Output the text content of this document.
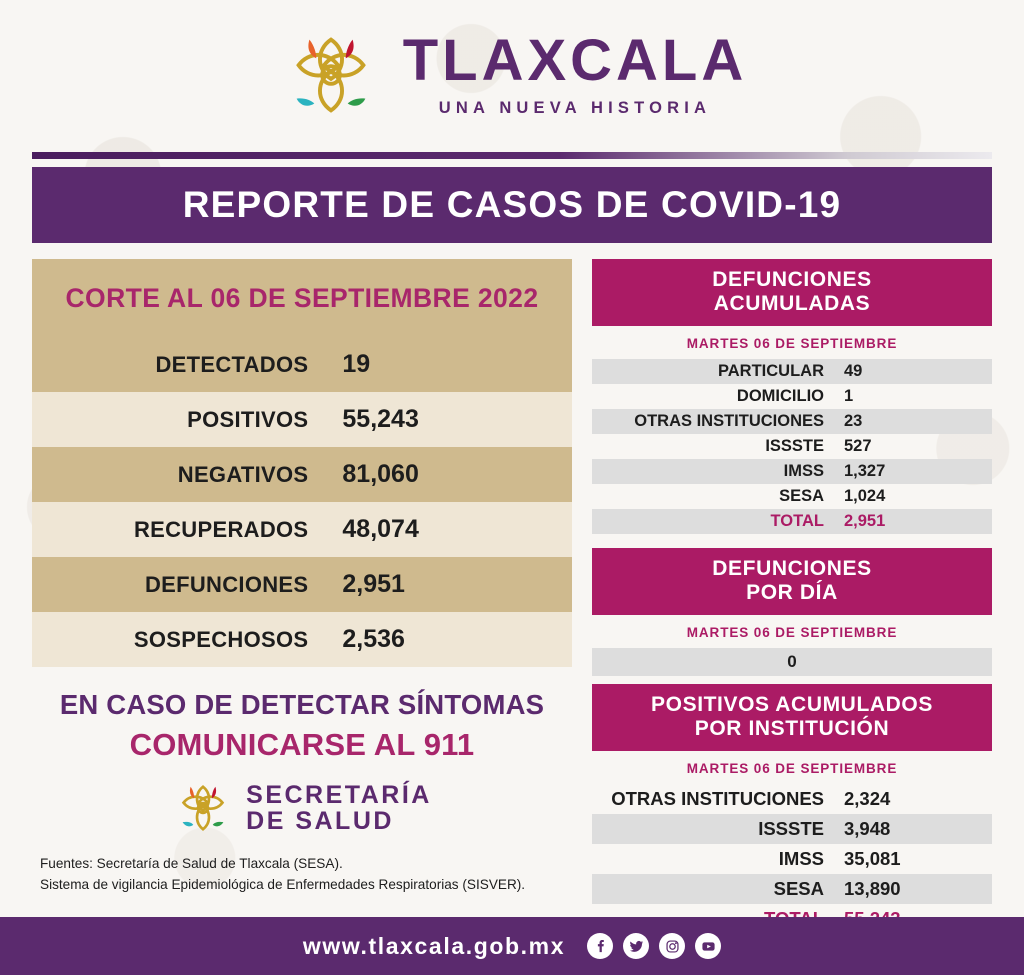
TLAXCALA
UNA NUEVA HISTORIA
REPORTE DE CASOS DE COVID-19
CORTE AL 06 DE SEPTIEMBRE 2022
DETECTADOS	19
POSITIVOS	55,243
NEGATIVOS	81,060
RECUPERADOS	48,074
DEFUNCIONES	2,951
SOSPECHOSOS	2,536
EN CASO DE DETECTAR SÍNTOMAS
COMUNICARSE AL 911
SECRETARÍA
DE SALUD
Fuentes: Secretaría de Salud de Tlaxcala (SESA).
Sistema de vigilancia Epidemiológica de Enfermedades Respiratorias (SISVER).
DEFUNCIONES
ACUMULADAS
MARTES 06 DE SEPTIEMBRE
PARTICULAR	49
DOMICILIO	1
OTRAS INSTITUCIONES	23
ISSSTE	527
IMSS	1,327
SESA	1,024
TOTAL	2,951
DEFUNCIONES
POR DÍA
MARTES 06 DE SEPTIEMBRE
0
POSITIVOS ACUMULADOS
POR INSTITUCIÓN
MARTES 06 DE SEPTIEMBRE
OTRAS INSTITUCIONES	2,324
ISSSTE	3,948
IMSS	35,081
SESA	13,890
www.tlaxcala.gob.mx
